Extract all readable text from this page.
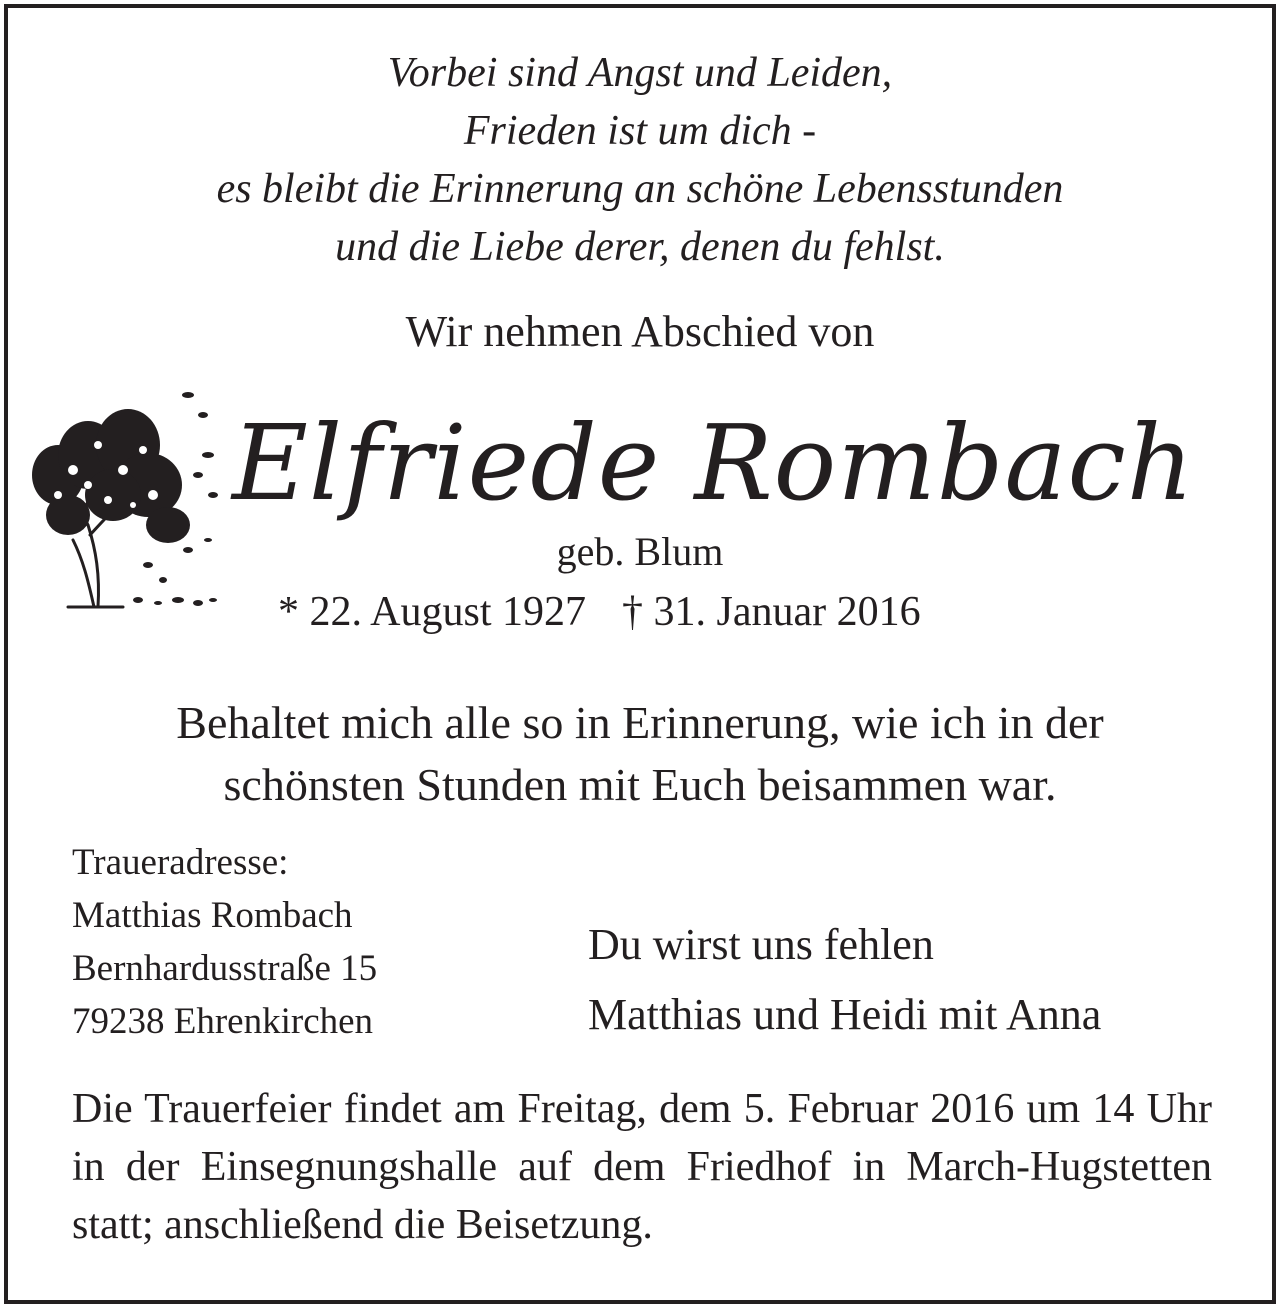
Vorbei sind Angst und Leiden,
Frieden ist um dich -
es bleibt die Erinnerung an schöne Lebensstunden
und die Liebe derer, denen du fehlst.
Wir nehmen Abschied von
Elfriede Rombach
geb. Blum
* 22. August 1927 † 31. Januar 2016
Behaltet mich alle so in Erinnerung, wie ich in der
schönsten Stunden mit Euch beisammen war.
Traueradresse:
Matthias Rombach
Bernhardusstraße 15
79238 Ehrenkirchen
Du wirst uns fehlen
Matthias und Heidi mit Anna
Die Trauerfeier findet am Freitag, dem 5. Februar 2016 um 14 Uhr in der Einsegnungshalle auf dem Friedhof in March-Hugstetten statt; anschließend die Beisetzung.
